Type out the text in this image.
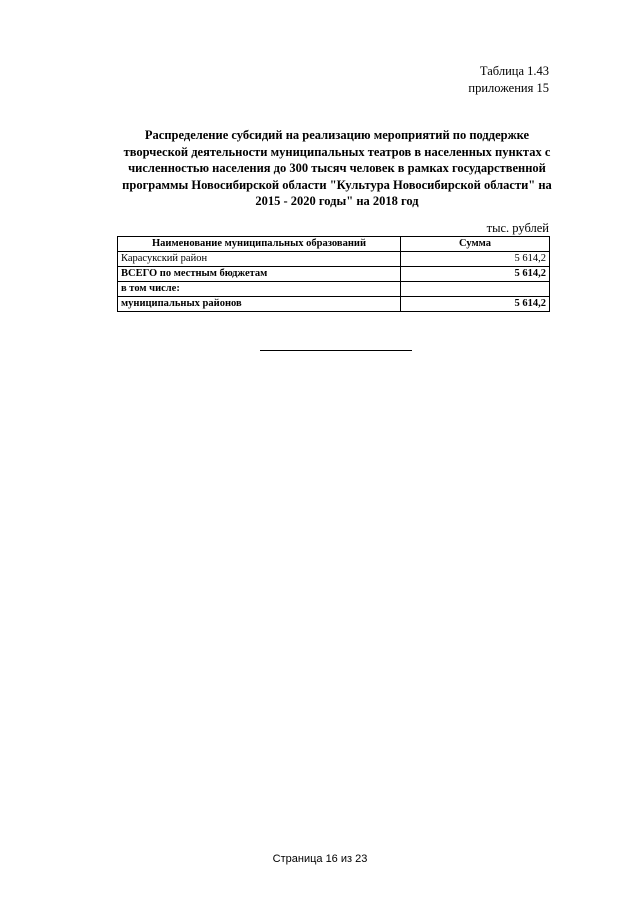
Таблица 1.43
приложения 15
Распределение субсидий на реализацию мероприятий по поддержке творческой деятельности муниципальных театров в населенных пунктах с численностью населения до 300 тысяч человек в рамках государственной программы Новосибирской области "Культура Новосибирской области" на 2015 - 2020 годы" на 2018 год
тыс. рублей
Наименование муниципальных образований	Сумма
Карасукский район	5 614,2
ВСЕГО по местным бюджетам	5 614,2
в том числе:	
муниципальных районов	5 614,2
Страница 16 из 23
